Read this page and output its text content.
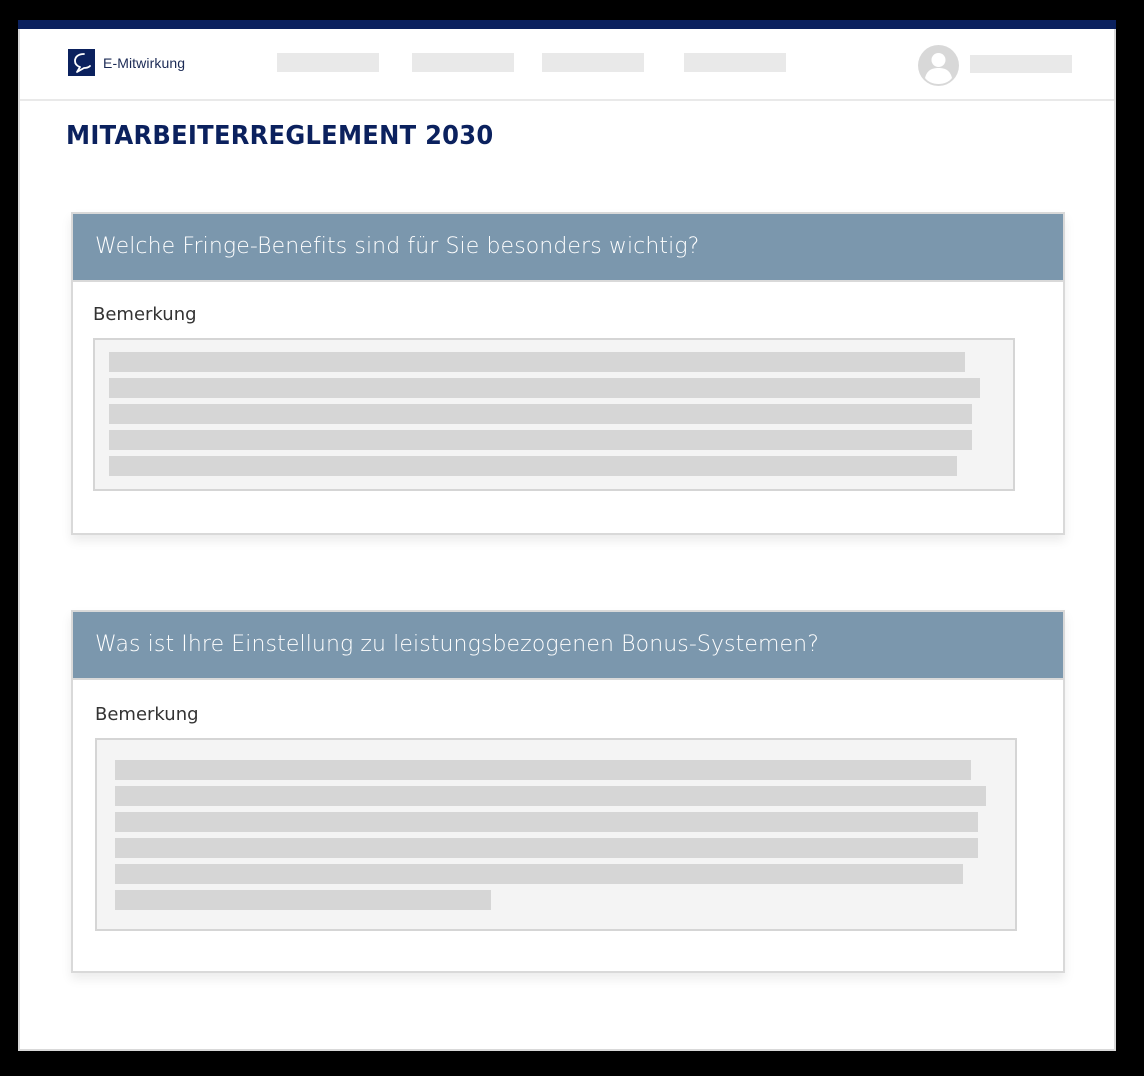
E-Mitwirkung
MITARBEITERREGLEMENT 2030
Welche Fringe-Benefits sind für Sie besonders wichtig?
Bemerkung
Was ist Ihre Einstellung zu leistungsbezogenen Bonus-Systemen?
Bemerkung
